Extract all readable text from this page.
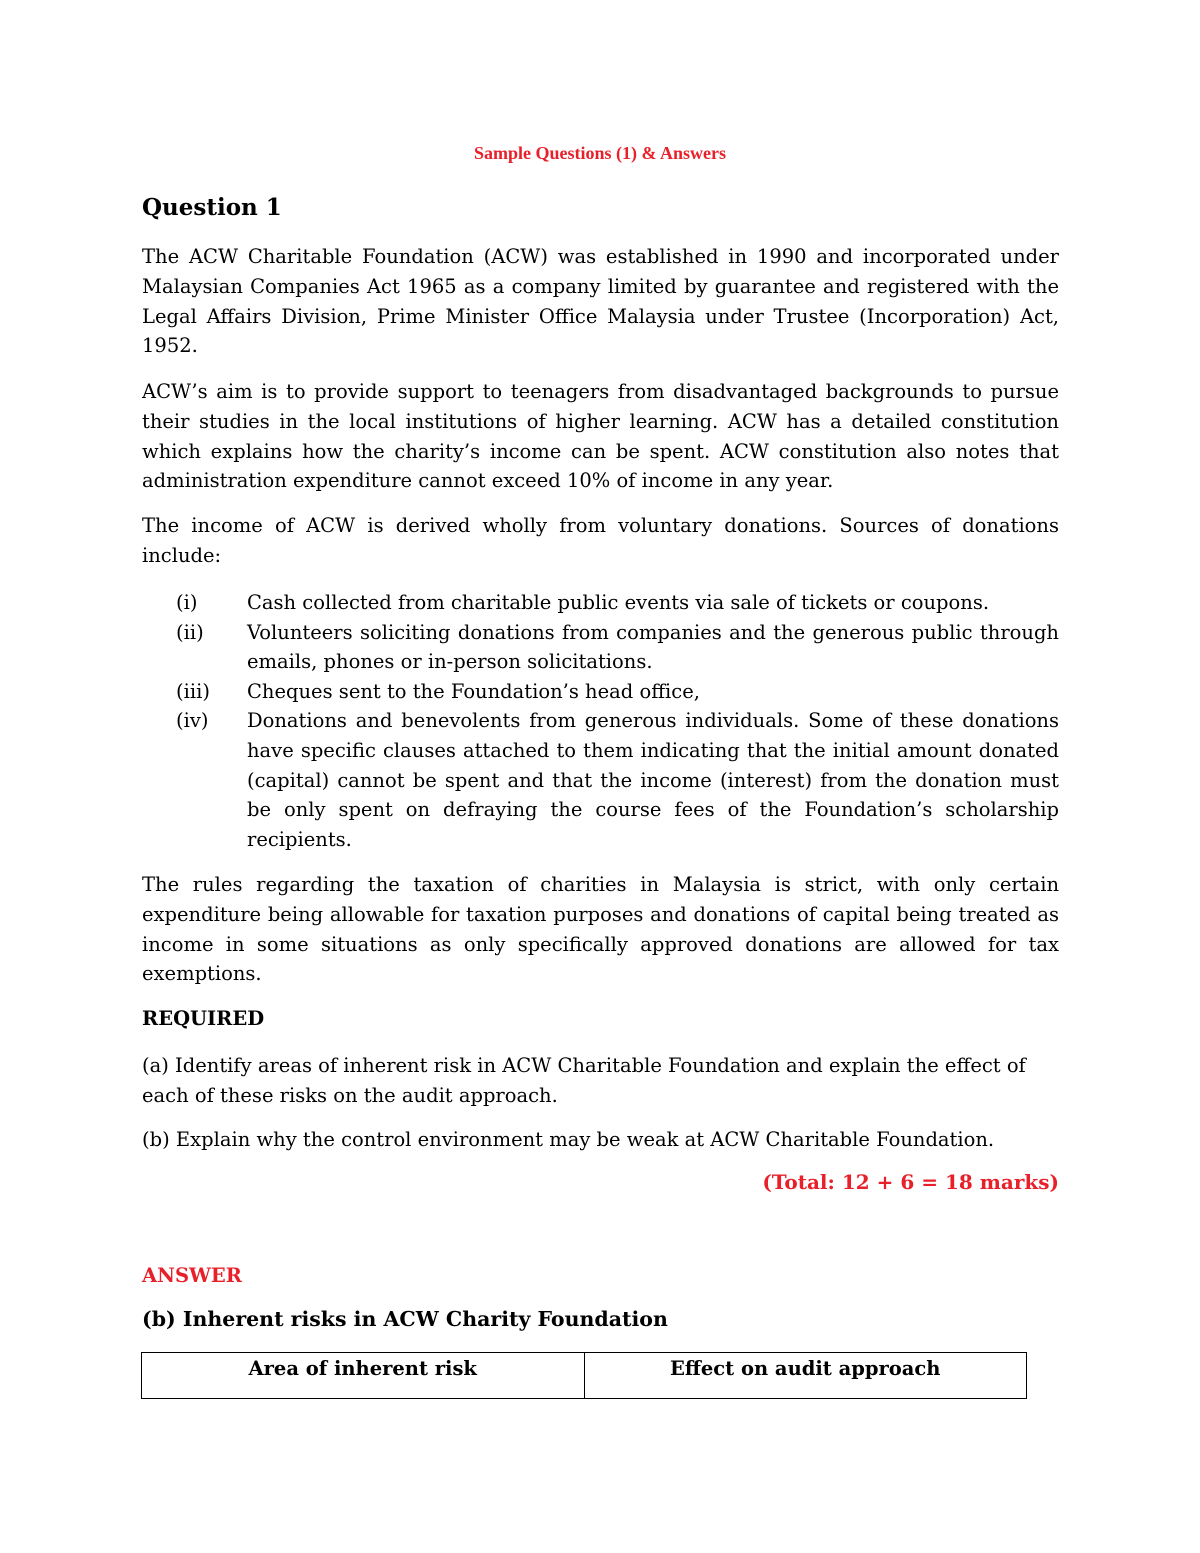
Sample Questions (1) & Answers
Question 1

The ACW Charitable Foundation (ACW) was established in 1990 and incorporated under Malaysian Companies Act 1965 as a company limited by guarantee and registered with the Legal Affairs Division, Prime Minister Office Malaysia under Trustee (Incorporation) Act, 1952.

ACW’s aim is to provide support to teenagers from disadvantaged backgrounds to pursue their studies in the local institutions of higher learning. ACW has a detailed constitution which explains how the charity’s income can be spent. ACW constitution also notes that administration expenditure cannot exceed 10% of income in any year.

The income of ACW is derived wholly from voluntary donations. Sources of donations include:

(i)	Cash collected from charitable public events via sale of tickets or coupons.
(ii)	Volunteers soliciting donations from companies and the generous public through emails, phones or in-person solicitations.
(iii)	Cheques sent to the Foundation’s head office,
(iv)	Donations and benevolents from generous individuals. Some of these donations have specific clauses attached to them indicating that the initial amount donated (capital) cannot be spent and that the income (interest) from the donation must be only spent on defraying the course fees of the Foundation’s scholarship recipients.

The rules regarding the taxation of charities in Malaysia is strict, with only certain expenditure being allowable for taxation purposes and donations of capital being treated as income in some situations as only specifically approved donations are allowed for tax exemptions.

REQUIRED

(a) Identify areas of inherent risk in ACW Charitable Foundation and explain the effect of each of these risks on the audit approach.

(b) Explain why the control environment may be weak at ACW Charitable Foundation.

(Total: 12 + 6 = 18 marks)
ANSWER
(b) Inherent risks in ACW Charity Foundation
Area of inherent risk	Effect on audit approach
